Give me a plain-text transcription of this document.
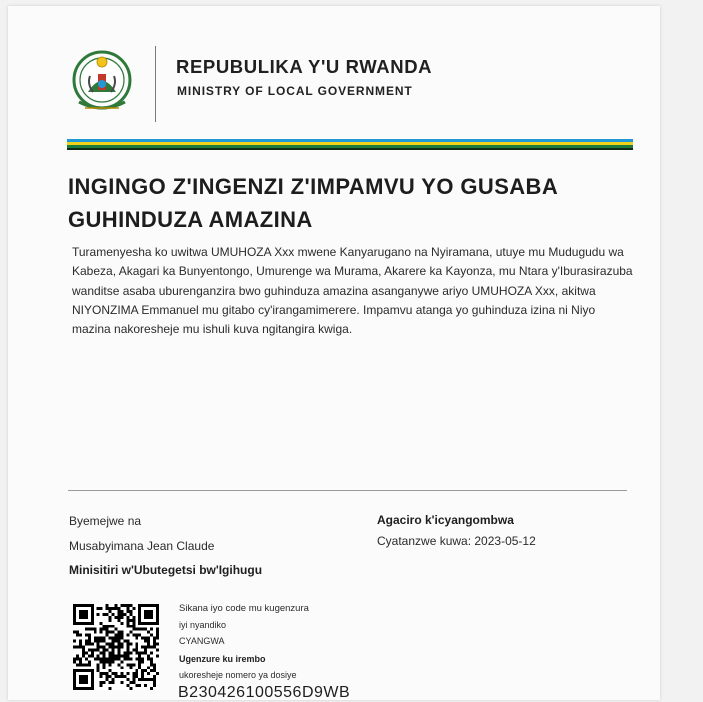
REPUBULIKA Y'U RWANDA
MINISTRY OF LOCAL GOVERNMENT
INGINGO Z'INGENZI Z'IMPAMVU YO GUSABA GUHINDUZA AMAZINA
Turamenyesha ko uwitwa UMUHOZA Xxx mwene Kanyarugano na Nyiramana, utuye mu Mudugudu wa Kabeza, Akagari ka Bunyentongo, Umurenge wa Murama, Akarere ka Kayonza, mu Ntara y'Iburasirazuba wanditse asaba uburenganzira bwo guhinduza amazina asanganywe ariyo UMUHOZA Xxx, akitwa NIYONZIMA Emmanuel mu gitabo cy'irangamimerere. Impamvu atanga yo guhinduza izina ni Niyo mazina nakoresheje mu ishuli kuva ngitangira kwiga.
Byemejwe na
Musabyimana Jean Claude
Minisitiri w'Ubutegetsi bw'Igihugu
Agaciro k'icyangombwa
Cyatanzwe kuwa: 2023-05-12
Sikana iyo code mu kugenzura
iyi nyandiko
CYANGWA
Ugenzure ku irembo
ukoresheje nomero ya dosiye
B230426100556D9WB
